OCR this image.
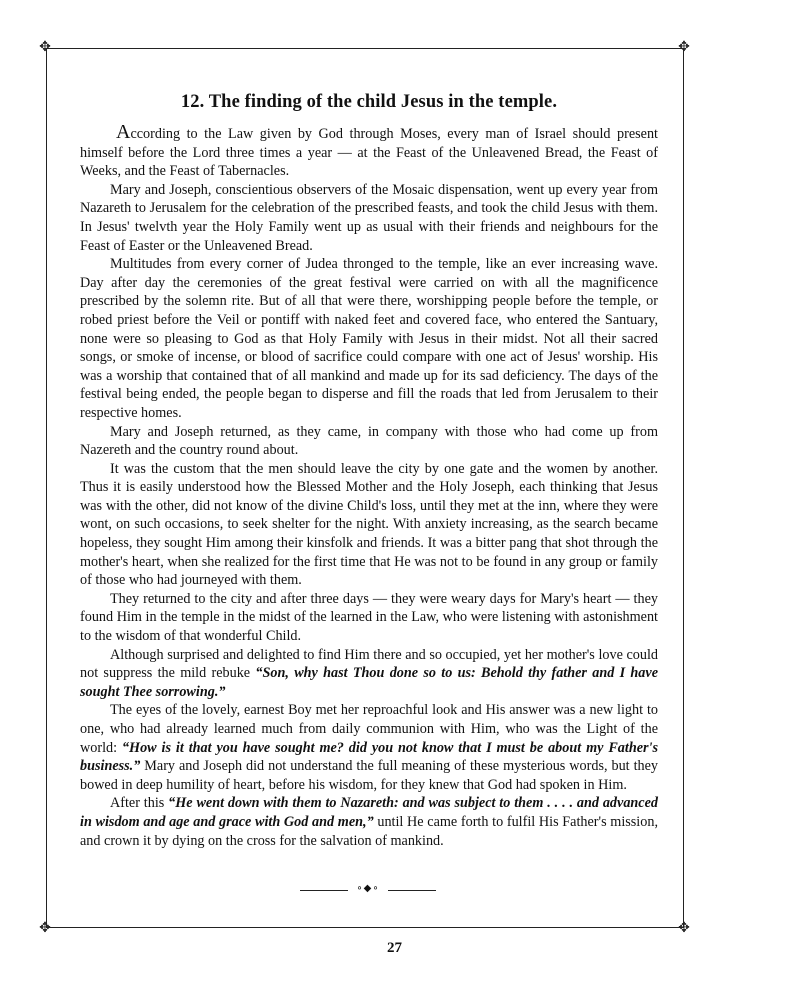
✥	✥
✥	✥
12. The finding of the child Jesus in the temple.

According to the Law given by God through Moses, every man of Israel should present himself before the Lord three times a year — at the Feast of the Unleavened Bread, the Feast of Weeks, and the Feast of Tabernacles.

Mary and Joseph, conscientious observers of the Mosaic dispensation, went up every year from Nazareth to Jerusalem for the celebration of the prescribed feasts, and took the child Jesus with them. In Jesus' twelvth year the Holy Family went up as usual with their friends and neighbours for the Feast of Easter or the Unleavened Bread.

Multitudes from every corner of Judea thronged to the temple, like an ever increasing wave. Day after day the ceremonies of the great festival were carried on with all the magnificence prescribed by the solemn rite. But of all that were there, worshipping people before the temple, or robed priest before the Veil or pontiff with naked feet and covered face, who entered the Santuary, none were so pleasing to God as that Holy Family with Jesus in their midst. Not all their sacred songs, or smoke of incense, or blood of sacrifice could compare with one act of Jesus' worship. His was a worship that contained that of all mankind and made up for its sad deficiency. The days of the festival being ended, the people began to disperse and fill the roads that led from Jerusalem to their respective homes.

Mary and Joseph returned, as they came, in company with those who had come up from Nazereth and the country round about.

It was the custom that the men should leave the city by one gate and the women by another. Thus it is easily understood how the Blessed Mother and the Holy Joseph, each thinking that Jesus was with the other, did not know of the divine Child's loss, until they met at the inn, where they were wont, on such occasions, to seek shelter for the night. With anxiety increasing, as the search became hopeless, they sought Him among their kinsfolk and friends. It was a bitter pang that shot through the mother's heart, when she realized for the first time that He was not to be found in any group or family of those who had journeyed with them.

They returned to the city and after three days — they were weary days for Mary's heart — they found Him in the temple in the midst of the learned in the Law, who were listening with astonishment to the wisdom of that wonderful Child.

Although surprised and delighted to find Him there and so occupied, yet her mother's love could not suppress the mild rebuke “Son, why hast Thou done so to us: Behold thy father and I have sought Thee sorrowing.”

The eyes of the lovely, earnest Boy met her reproachful look and His answer was a new light to one, who had already learned much from daily communion with Him, who was the Light of the world: “How is it that you have sought me? did you not know that I must be about my Father's business.” Mary and Joseph did not understand the full meaning of these mysterious words, but they bowed in deep humility of heart, before his wisdom, for they knew that God had spoken in Him.

After this “He went down with them to Nazareth: and was subject to them . . . . and advanced in wisdom and age and grace with God and men,” until He came forth to fulfil His Father's mission, and crown it by dying on the cross for the salvation of mankind.

∘◆∘
27
